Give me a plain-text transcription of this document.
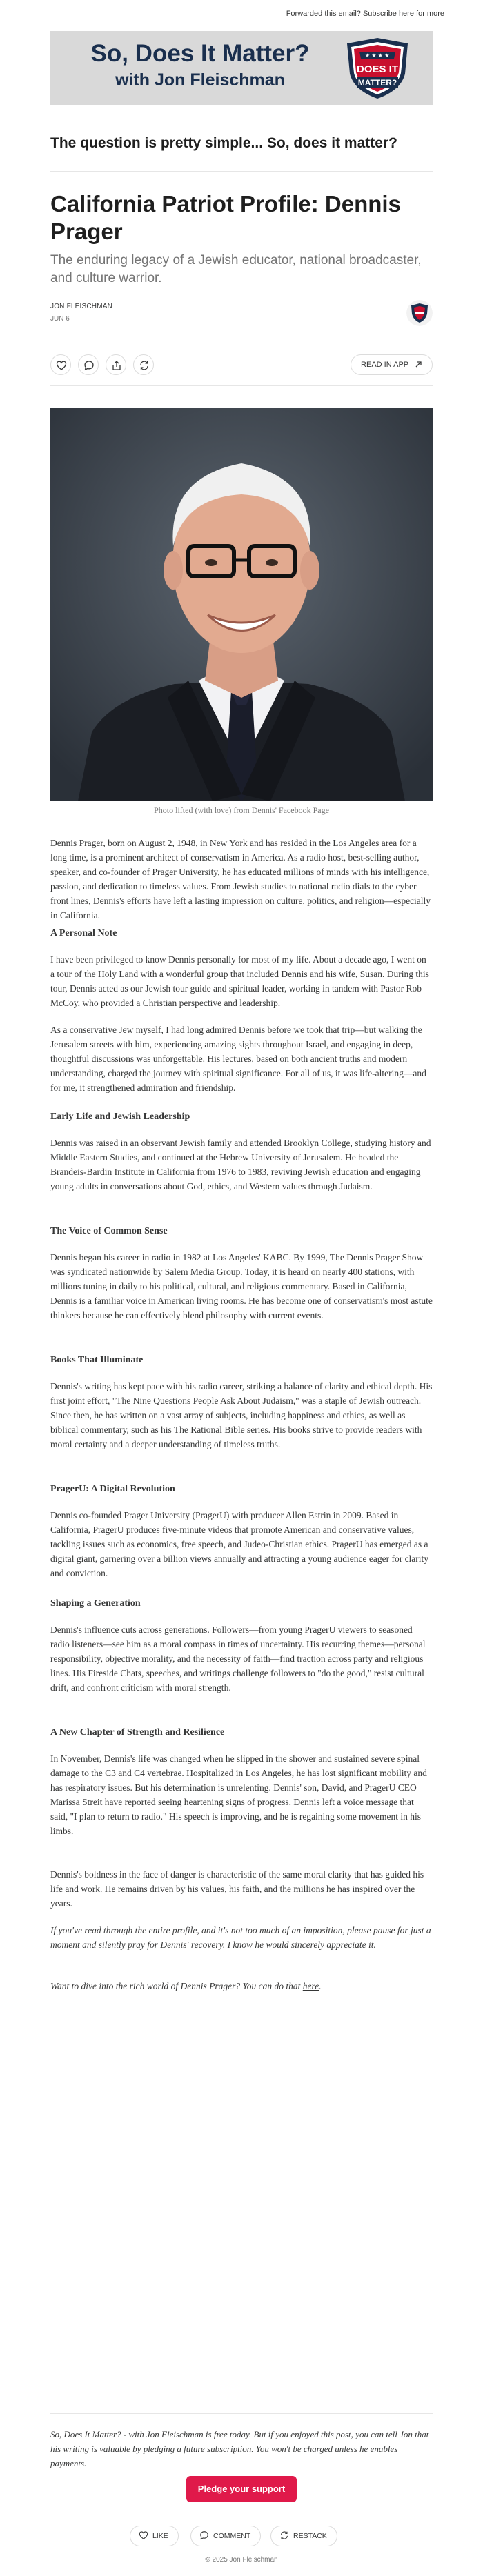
Forwarded this email? Subscribe here for more
So, Does It Matter?
with Jon Fleischman
★ ★ ★ ★
DOES IT
MATTER?
The question is pretty simple... So, does it matter?
California Patriot Profile: Dennis Prager
The enduring legacy of a Jewish educator, national broadcaster, and culture warrior.
JON FLEISCHMAN
JUN 6
READ IN APP
Photo lifted (with love) from Dennis' Facebook Page

Dennis Prager, born on August 2, 1948, in New York and has resided in the Los Angeles area for a long time, is a prominent architect of conservatism in America. As a radio host, best-selling author, speaker, and co-founder of Prager University, he has educated millions of minds with his intelligence, passion, and dedication to timeless values. From Jewish studies to national radio dials to the cyber front lines, Dennis's efforts have left a lasting impression on culture, politics, and religion—especially in California.

A Personal Note

I have been privileged to know Dennis personally for most of my life. About a decade ago, I went on a tour of the Holy Land with a wonderful group that included Dennis and his wife, Susan. During this tour, Dennis acted as our Jewish tour guide and spiritual leader, working in tandem with Pastor Rob McCoy, who provided a Christian perspective and leadership.

As a conservative Jew myself, I had long admired Dennis before we took that trip—but walking the Jerusalem streets with him, experiencing amazing sights throughout Israel, and engaging in deep, thoughtful discussions was unforgettable. His lectures, based on both ancient truths and modern understanding, charged the journey with spiritual significance. For all of us, it was life-altering—and for me, it strengthened admiration and friendship.

Early Life and Jewish Leadership

Dennis was raised in an observant Jewish family and attended Brooklyn College, studying history and Middle Eastern Studies, and continued at the Hebrew University of Jerusalem. He headed the Brandeis-Bardin Institute in California from 1976 to 1983, reviving Jewish education and engaging young adults in conversations about God, ethics, and Western values through Judaism.

The Voice of Common Sense

Dennis began his career in radio in 1982 at Los Angeles' KABC. By 1999, The Dennis Prager Show was syndicated nationwide by Salem Media Group. Today, it is heard on nearly 400 stations, with millions tuning in daily to his political, cultural, and religious commentary. Based in California, Dennis is a familiar voice in American living rooms. He has become one of conservatism's most astute thinkers because he can effectively blend philosophy with current events.

Books That Illuminate

Dennis's writing has kept pace with his radio career, striking a balance of clarity and ethical depth. His first joint effort, "The Nine Questions People Ask About Judaism," was a staple of Jewish outreach. Since then, he has written on a vast array of subjects, including happiness and ethics, as well as biblical commentary, such as his The Rational Bible series. His books strive to provide readers with moral certainty and a deeper understanding of timeless truths.

PragerU: A Digital Revolution

Dennis co-founded Prager University (PragerU) with producer Allen Estrin in 2009. Based in California, PragerU produces five-minute videos that promote American and conservative values, tackling issues such as economics, free speech, and Judeo-Christian ethics. PragerU has emerged as a digital giant, garnering over a billion views annually and attracting a young audience eager for clarity and conviction.

Shaping a Generation

Dennis's influence cuts across generations. Followers—from young PragerU viewers to seasoned radio listeners—see him as a moral compass in times of uncertainty. His recurring themes—personal responsibility, objective morality, and the necessity of faith—find traction across party and religious lines. His Fireside Chats, speeches, and writings challenge followers to "do the good," resist cultural drift, and confront criticism with moral strength.

A New Chapter of Strength and Resilience

In November, Dennis's life was changed when he slipped in the shower and sustained severe spinal damage to the C3 and C4 vertebrae. Hospitalized in Los Angeles, he has lost significant mobility and has respiratory issues. But his determination is unrelenting. Dennis' son, David, and PragerU CEO Marissa Streit have reported seeing heartening signs of progress. Dennis left a voice message that said, "I plan to return to radio." His speech is improving, and he is regaining some movement in his limbs.

Dennis's boldness in the face of danger is characteristic of the same moral clarity that has guided his life and work. He remains driven by his values, his faith, and the millions he has inspired over the years.

If you've read through the entire profile, and it's not too much of an imposition, please pause for just a moment and silently pray for Dennis' recovery. I know he would sincerely appreciate it.

Want to dive into the rich world of Dennis Prager? You can do that here.

So, Does It Matter? - with Jon Fleischman is free today. But if you enjoyed this post, you can tell Jon that his writing is valuable by pledging a future subscription. You won't be charged unless he enables payments.
Pledge your support
LIKE	COMMENT	RESTACK
© 2025 Jon Fleischman
